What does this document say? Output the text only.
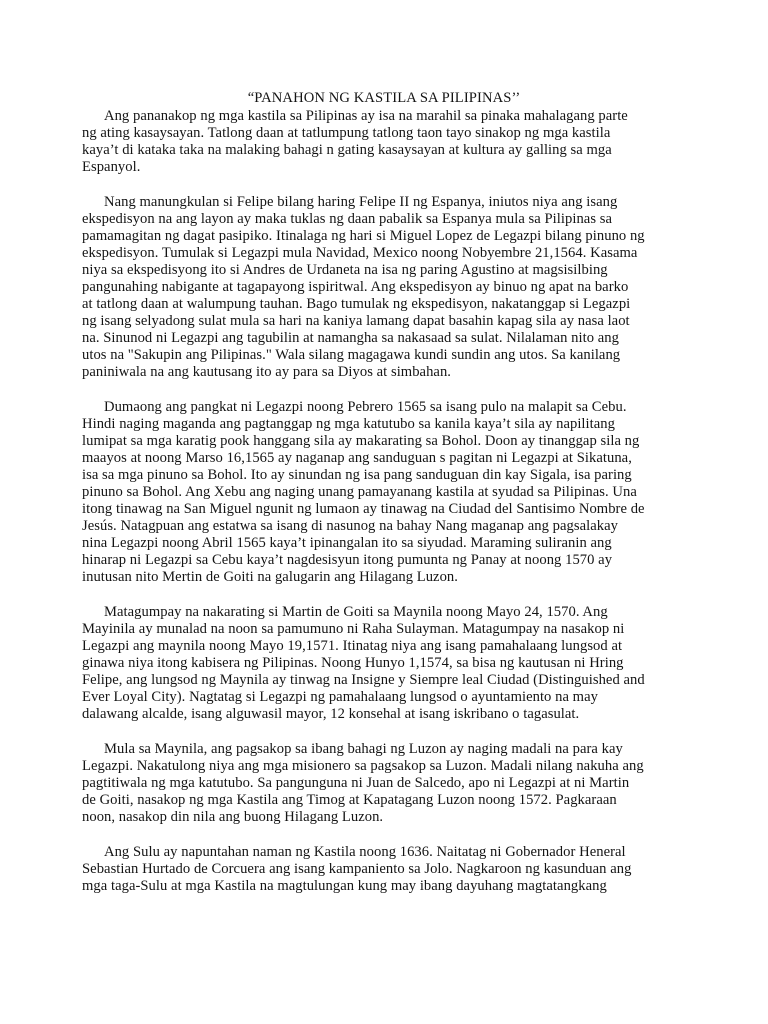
“PANAHON NG KASTILA SA PILIPINAS’’
Ang pananakop ng mga kastila sa Pilipinas ay isa na marahil sa pinaka mahalagang parte
ng ating kasaysayan. Tatlong daan at tatlumpung tatlong taon tayo sinakop ng mga kastila
kaya’t di kataka taka na malaking bahagi n gating kasaysayan at kultura ay galling sa mga
Espanyol.
Nang manungkulan si Felipe bilang haring Felipe II ng Espanya, iniutos niya ang isang
ekspedisyon na ang layon ay maka tuklas ng daan pabalik sa Espanya mula sa Pilipinas sa
pamamagitan ng dagat pasipiko. Itinalaga ng hari si Miguel Lopez de Legazpi bilang pinuno ng
ekspedisyon. Tumulak si Legazpi mula Navidad, Mexico noong Nobyembre 21,1564. Kasama
niya sa ekspedisyong ito si Andres de Urdaneta na isa ng paring Agustino at magsisilbing
pangunahing nabigante at tagapayong ispiritwal. Ang ekspedisyon ay binuo ng apat na barko
at tatlong daan at walumpung tauhan. Bago tumulak ng ekspedisyon, nakatanggap si Legazpi
ng isang selyadong sulat mula sa hari na kaniya lamang dapat basahin kapag sila ay nasa laot
na. Sinunod ni Legazpi ang tagubilin at namangha sa nakasaad sa sulat. Nilalaman nito ang
utos na "Sakupin ang Pilipinas." Wala silang magagawa kundi sundin ang utos. Sa kanilang
paniniwala na ang kautusang ito ay para sa Diyos at simbahan.
Dumaong ang pangkat ni Legazpi noong Pebrero 1565 sa isang pulo na malapit sa Cebu.
Hindi naging maganda ang pagtanggap ng mga katutubo sa kanila kaya’t sila ay napilitang
lumipat sa mga karatig pook hanggang sila ay makarating sa Bohol. Doon ay tinanggap sila ng
maayos at noong Marso 16,1565 ay naganap ang sanduguan s pagitan ni Legazpi at Sikatuna,
isa sa mga pinuno sa Bohol. Ito ay sinundan ng isa pang sanduguan din kay Sigala, isa paring
pinuno sa Bohol. Ang Xebu ang naging unang pamayanang kastila at syudad sa Pilipinas. Una
itong tinawag na San Miguel ngunit ng lumaon ay tinawag na Ciudad del Santisimo Nombre de
Jesús. Natagpuan ang estatwa sa isang di nasunog na bahay Nang maganap ang pagsalakay
nina Legazpi noong Abril 1565 kaya’t ipinangalan ito sa siyudad. Maraming suliranin ang
hinarap ni Legazpi sa Cebu kaya’t nagdesisyun itong pumunta ng Panay at noong 1570 ay
inutusan nito Mertin de Goiti na galugarin ang Hilagang Luzon.
Matagumpay na nakarating si Martin de Goiti sa Maynila noong Mayo 24, 1570. Ang
Mayinila ay munalad na noon sa pamumuno ni Raha Sulayman. Matagumpay na nasakop ni
Legazpi ang maynila noong Mayo 19,1571. Itinatag niya ang isang pamahalaang lungsod at
ginawa niya itong kabisera ng Pilipinas. Noong Hunyo 1,1574, sa bisa ng kautusan ni Hring
Felipe, ang lungsod ng Maynila ay tinwag na Insigne y Siempre leal Ciudad (Distinguished and
Ever Loyal City). Nagtatag si Legazpi ng pamahalaang lungsod o ayuntamiento na may
dalawang alcalde, isang alguwasil mayor, 12 konsehal at isang iskribano o tagasulat.
Mula sa Maynila, ang pagsakop sa ibang bahagi ng Luzon ay naging madali na para kay
Legazpi. Nakatulong niya ang mga misionero sa pagsakop sa Luzon. Madali nilang nakuha ang
pagtitiwala ng mga katutubo. Sa pangunguna ni Juan de Salcedo, apo ni Legazpi at ni Martin
de Goiti, nasakop ng mga Kastila ang Timog at Kapatagang Luzon noong 1572. Pagkaraan
noon, nasakop din nila ang buong Hilagang Luzon.
Ang Sulu ay napuntahan naman ng Kastila noong 1636. Naitatag ni Gobernador Heneral
Sebastian Hurtado de Corcuera ang isang kampaniento sa Jolo. Nagkaroon ng kasunduan ang
mga taga-Sulu at mga Kastila na magtulungan kung may ibang dayuhang magtatangkang
